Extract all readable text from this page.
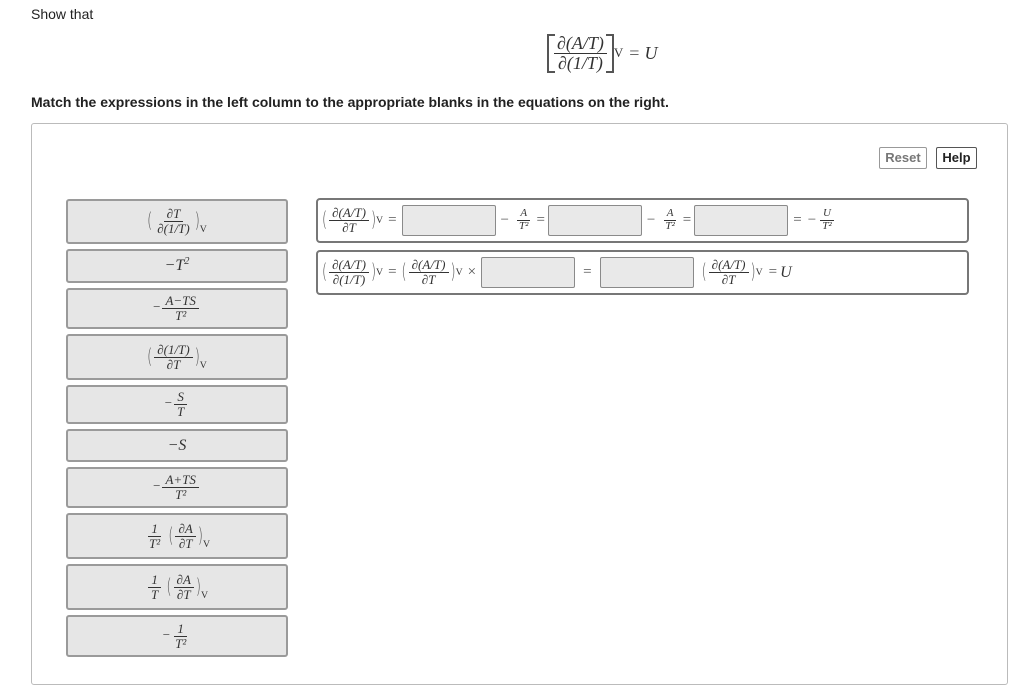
Show that
$\frac{\partial(A/T)}{\partial(1/T)}$ V = U
Match the expressions in the left column to the appropriate blanks in the equations on the right.
Reset	Help
( $\frac{\partial T}{\partial(1/T)} )_V$
$-T^2$
− $\frac{A-TS}{\text{T²}}$
( $\frac{\partial(1/T)}{\partial T} )_V$
− $\frac{S}{T}$
−S
− $\frac{A+TS}{\text{T²}}$
$\frac{1}{\text{T²}}$ ( $\frac{\partial A}{\partial T} )_V$
$\frac{1}{T}$ ( $\frac{\partial A}{\partial T} )_V$
− $\frac{1}{\text{T²}}$
( $\frac{\partial(A/T)}{\partial T}$ ) V =	− $\frac{A}{\text{T²}}$ =	− $\frac{A}{\text{T²}}$ =	= − $\frac{U}{\text{T²}}$
( $\frac{\partial(A/T)}{\partial(1/T)}$ ) V = ( $\frac{\partial(A/T)}{\partial T}$ ) V ×	=	( $\frac{\partial(A/T)}{\partial T}$ ) V = U
